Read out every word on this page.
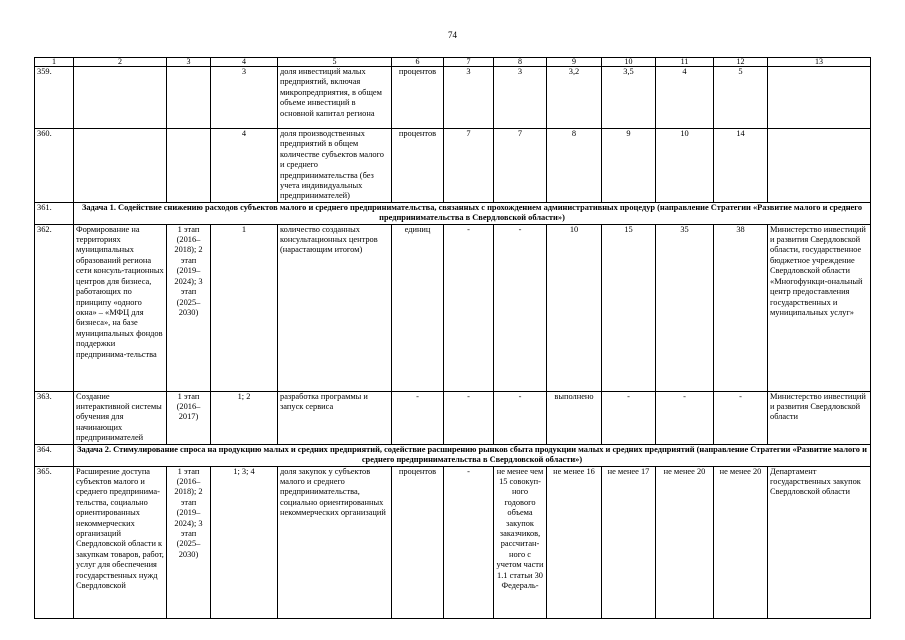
74
1	2	3	4	5	6	7	8	9	10	11	12	13
359.			3	доля инвестиций малых предприятий, включая микропредприятия, в общем объеме инвестиций в основной капитал региона	процентов	3	3	3,2	3,5	4	5	
360.			4	доля производственных предприятий в общем количестве субъектов малого и среднего предпринимательства (без учета индивидуальных предпринимателей)	процентов	7	7	8	9	10	14	
361.	Задача 1. Содействие снижению расходов субъектов малого и среднего предпринимательства, связанных с прохождением административных процедур (направление Стратегии «Развитие малого и среднего предпринимательства в Свердловской области»)											
362.	Формирование на территориях муниципальных образований региона сети консуль-тационных центров для бизнеса, работающих по принципу «одного окна» – «МФЦ для бизнеса», на базе муниципальных фондов поддержки предпринима-тельства	1 этап (2016–2018); 2 этап (2019–2024); 3 этап (2025–2030)	1	количество созданных консультационных центров (нарастающим итогом)	единиц	-	-	10	15	35	38	Министерство инвестиций и развития Свердловской области, государственное бюджетное учреждение Свердловской области «Многофункци-ональный центр предоставления государственных и муниципальных услуг»
363.	Создание интерактивной системы обучения для начинающих предпринимателей	1 этап (2016–2017)	1; 2	разработка программы и запуск сервиса	-	-	-	выполнено	-	-	-	Министерство инвестиций и развития Свердловской области
364.	Задача 2. Стимулирование спроса на продукцию малых и средних предприятий, содействие расширению рынков сбыта продукции малых и средних предприятий (направление Стратегии «Развитие малого и среднего предпринимательства в Свердловской области»)											
365.	Расширение доступа субъектов малого и среднего предпринима-тельства, социально ориентированных некоммерческих организаций Свердловской области к закупкам товаров, работ, услуг для обеспечения государственных нужд Свердловской	1 этап (2016–2018); 2 этап (2019–2024); 3 этап (2025–2030)	1; 3; 4	доля закупок у субъектов малого и среднего предпринимательства, социально ориентированных некоммерческих организаций	процентов	-	не менее чем 15 совокуп-ного годового объема закупок заказчиков, рассчитан-ного с учетом части 1.1 статьи 30 Федераль-	не менее 16	не менее 17	не менее 20	не менее 20	Департамент государственных закупок Свердловской области
